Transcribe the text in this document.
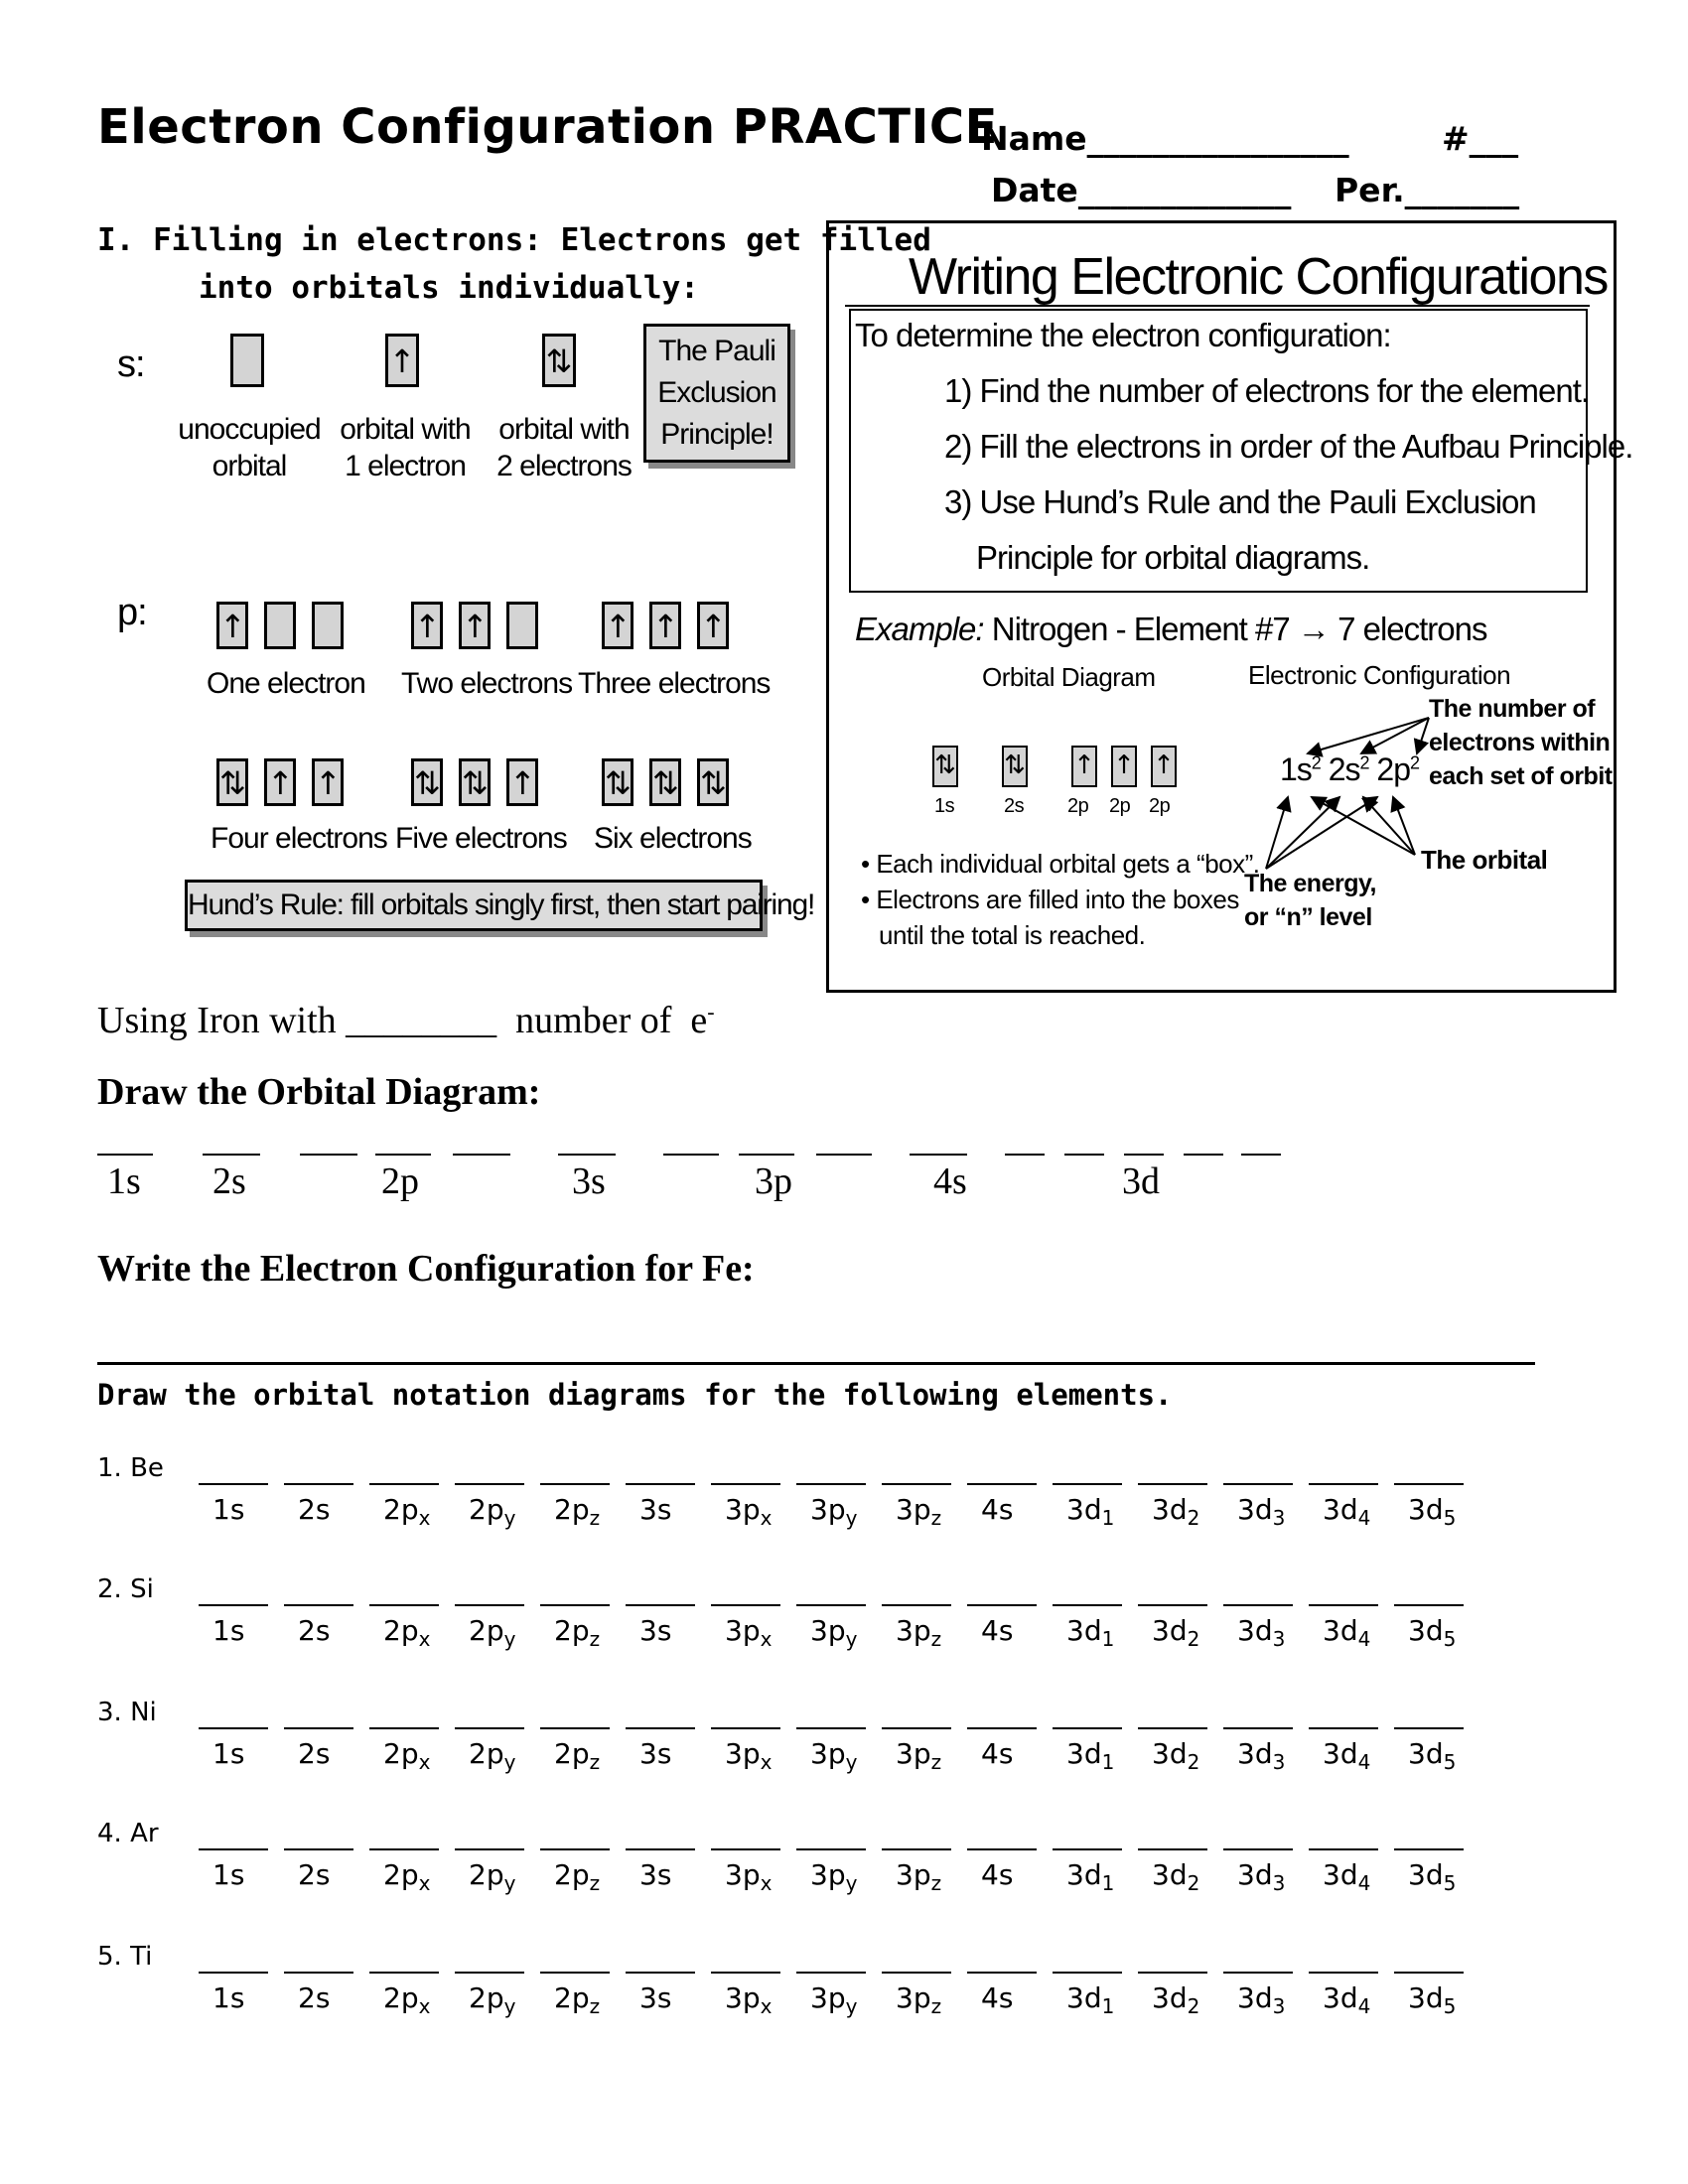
Electron Configuration PRACTICE
Name________________	#___
Date_____________ Per._______
I. Filling in electrons: Electrons get filled
into orbitals individually:
s:	↑	⇅
unoccupied
orbital
orbital with
1 electron
orbital with
2 electrons
The Pauli
Exclusion
Principle!
p: ↑	↑ ↑	↑ ↑ ↑
⇅ ↑ ↑ ⇅ ⇅ ↑ ⇅ ⇅ ⇅
One electron	Two electrons Three electrons
Four electrons Five electrons Six electrons
Hund’s Rule: fill orbitals singly first, then start pairing!
Writing Electronic Configurations
To determine the electron configuration:
1) Find the number of electrons for the element.
2) Fill the electrons in order of the Aufbau Principle.
3) Use Hund’s Rule and the Pauli Exclusion
Principle for orbital diagrams.
Example: Nitrogen - Element #7 → 7 electrons
Orbital Diagram	Electronic Configuration
⇅ ⇅ ↑ ↑ ↑
1s 2s 2p 2p 2p
$1s^2$ $2s^2$ $2p^2$
The number of
electrons within
each set of orbit
The orbital
The energy,
or “n” level
• Each individual orbital gets a “box”.
• Electrons are filled into the boxes
until the total is reached.
Using Iron with ________  number of  e-
Draw the Orbital Diagram:
1s 2s	2p	3s	3p	4s	3d
Write the Electron Configuration for Fe:
Draw the orbital notation diagrams for the following elements.
1. Be
1s 2s $2p_x$ $2p_y$ $2p_z$ 3s $3p_x$ $3p_y$ $3p_z$ 4s $3d_1$ $3d_2$ $3d_3$ $3d_4$ $3d_5$
2. Si
1s 2s $2p_x$ $2p_y$ $2p_z$ 3s $3p_x$ $3p_y$ $3p_z$ 4s $3d_1$ $3d_2$ $3d_3$ $3d_4$ $3d_5$
3. Ni
1s 2s $2p_x$ $2p_y$ $2p_z$ 3s $3p_x$ $3p_y$ $3p_z$ 4s $3d_1$ $3d_2$ $3d_3$ $3d_4$ $3d_5$
4. Ar
1s 2s $2p_x$ $2p_y$ $2p_z$ 3s $3p_x$ $3p_y$ $3p_z$ 4s $3d_1$ $3d_2$ $3d_3$ $3d_4$ $3d_5$
5. Ti
1s 2s $2p_x$ $2p_y$ $2p_z$ 3s $3p_x$ $3p_y$ $3p_z$ 4s $3d_1$ $3d_2$ $3d_3$ $3d_4$ $3d_5$
